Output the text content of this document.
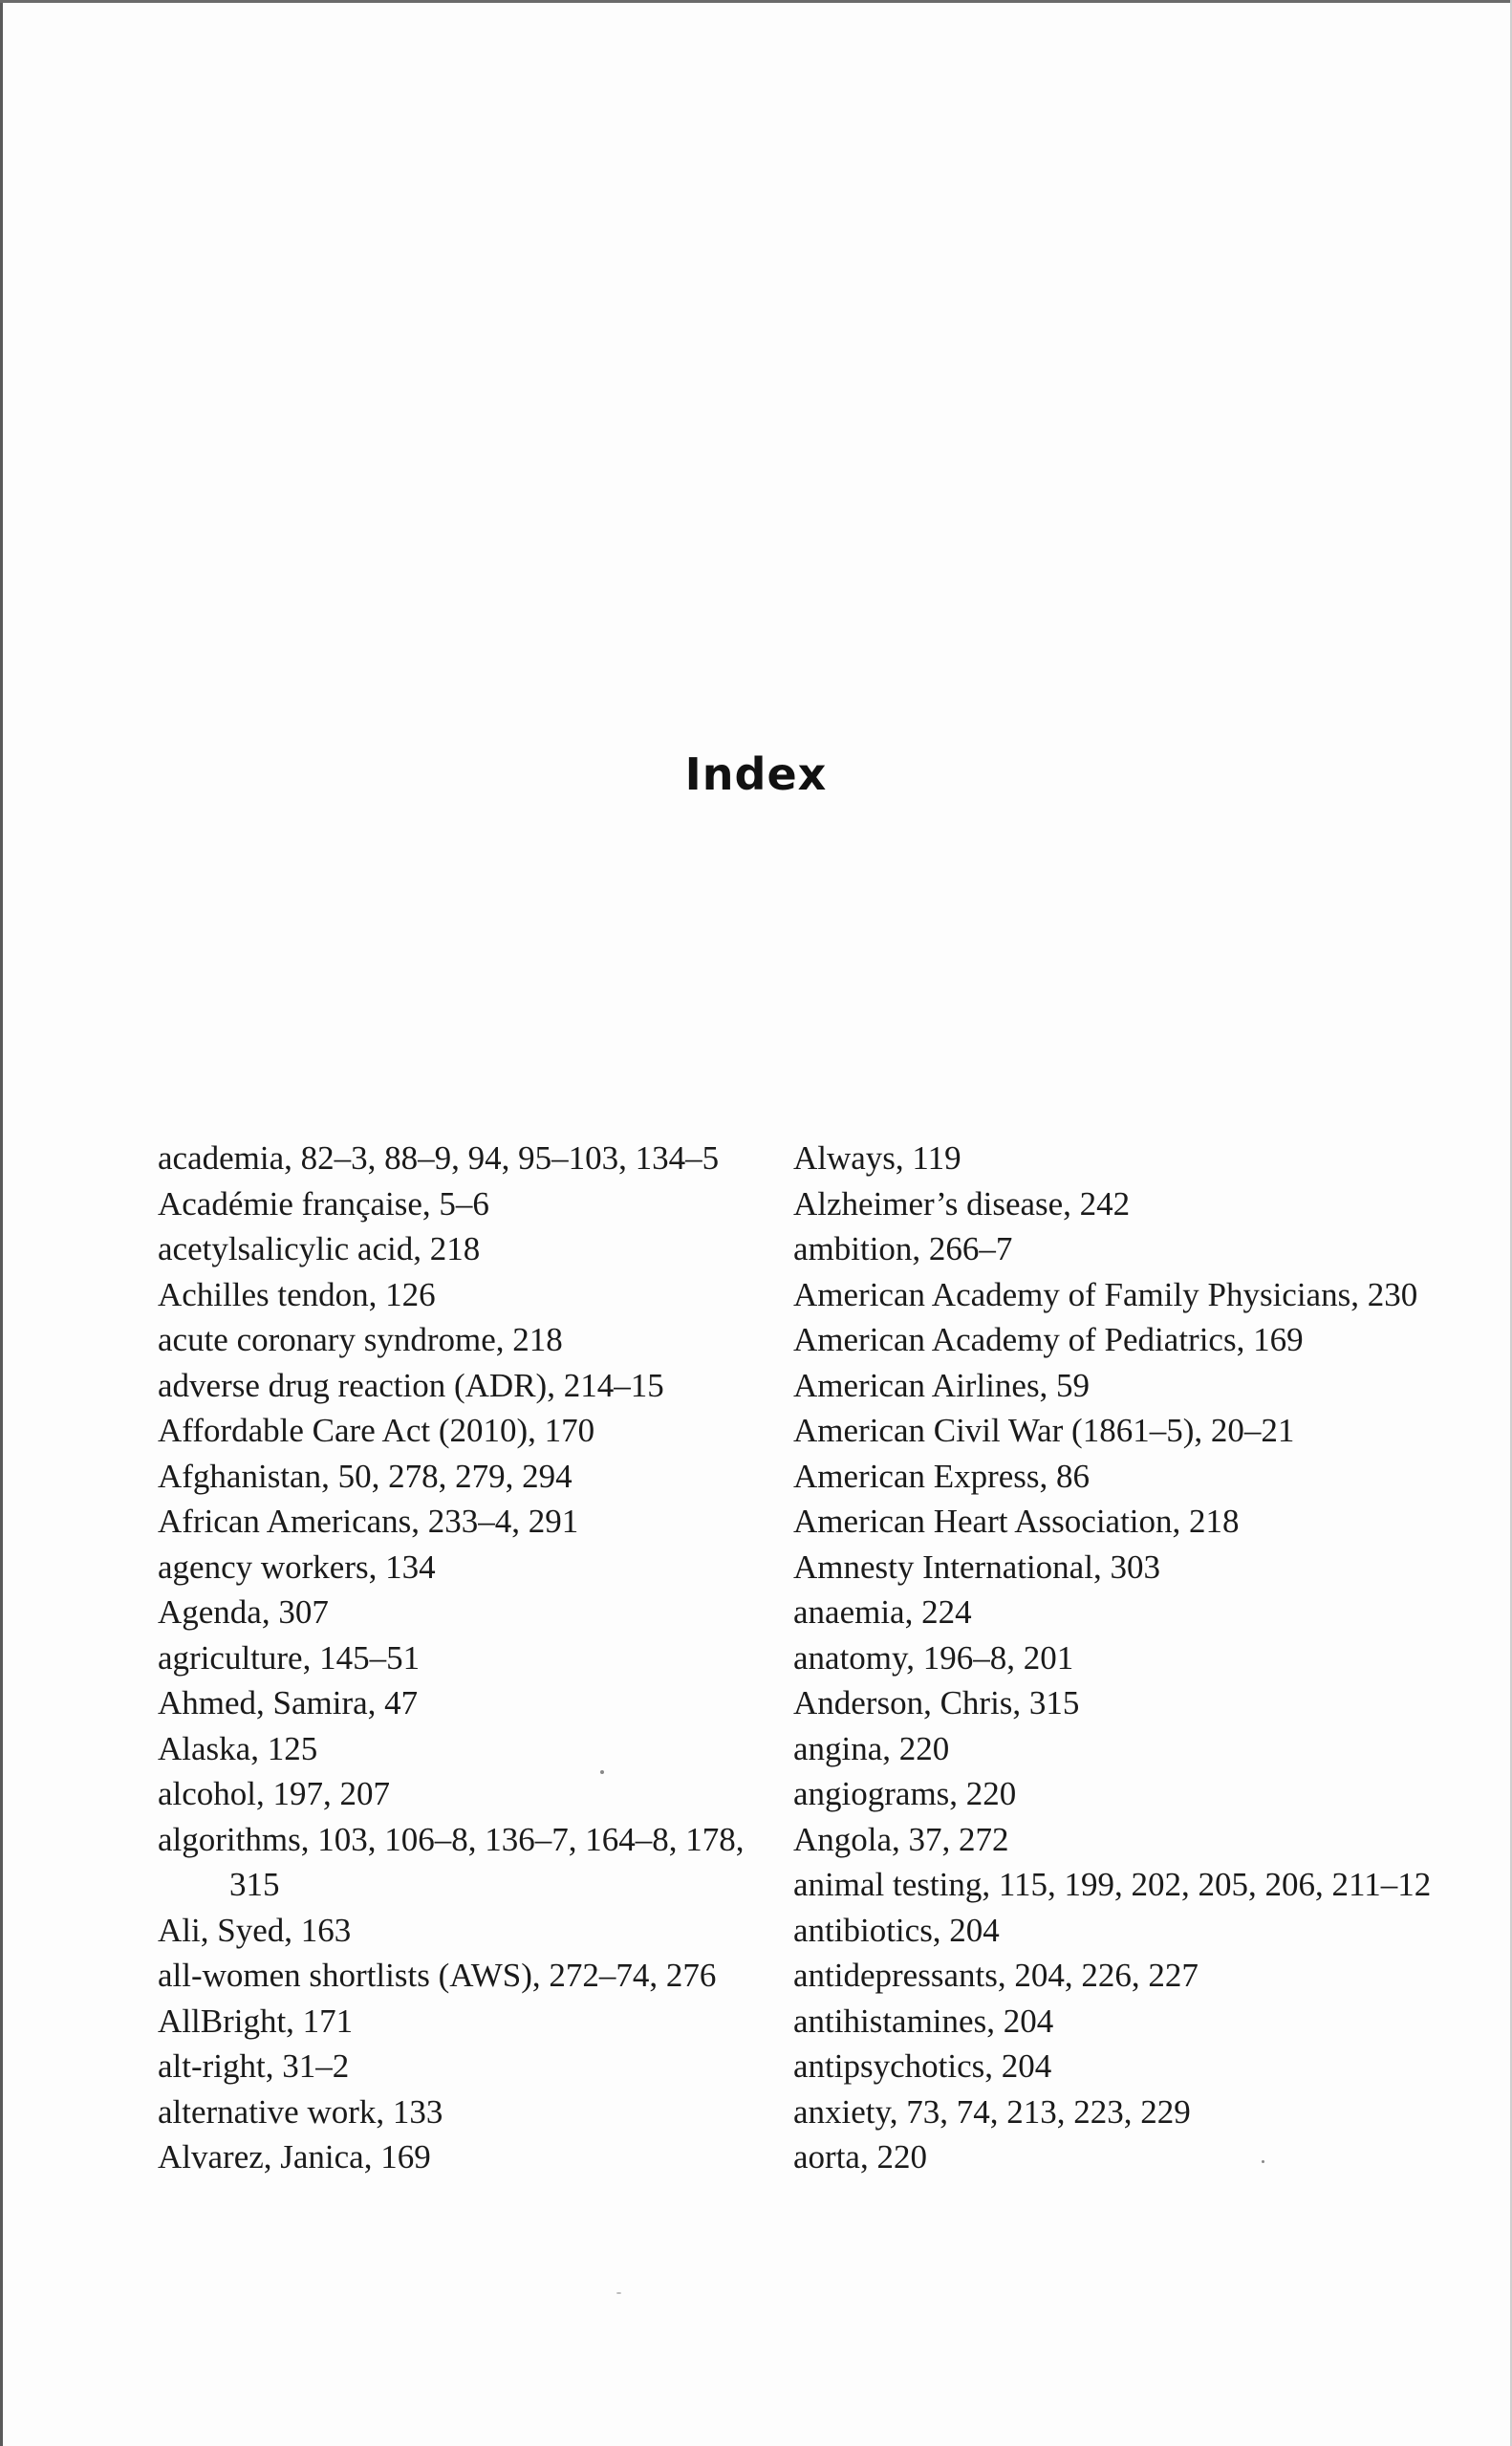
Index
academia, 82–3, 88–9, 94, 95–103, 134–5
Académie française, 5–6
acetylsalicylic acid, 218
Achilles tendon, 126
acute coronary syndrome, 218
adverse drug reaction (ADR), 214–15
Affordable Care Act (2010), 170
Afghanistan, 50, 278, 279, 294
African Americans, 233–4, 291
agency workers, 134
Agenda, 307
agriculture, 145–51
Ahmed, Samira, 47
Alaska, 125
alcohol, 197, 207
algorithms, 103, 106–8, 136–7, 164–8, 178, 315
Ali, Syed, 163
all-women shortlists (AWS), 272–74, 276
AllBright, 171
alt-right, 31–2
alternative work, 133
Alvarez, Janica, 169
Always, 119
Alzheimer’s disease, 242
ambition, 266–7
American Academy of Family Physicians, 230
American Academy of Pediatrics, 169
American Airlines, 59
American Civil War (1861–5), 20–21
American Express, 86
American Heart Association, 218
Amnesty International, 303
anaemia, 224
anatomy, 196–8, 201
Anderson, Chris, 315
angina, 220
angiograms, 220
Angola, 37, 272
animal testing, 115, 199, 202, 205, 206, 211–12
antibiotics, 204
antidepressants, 204, 226, 227
antihistamines, 204
antipsychotics, 204
anxiety, 73, 74, 213, 223, 229
aorta, 220
